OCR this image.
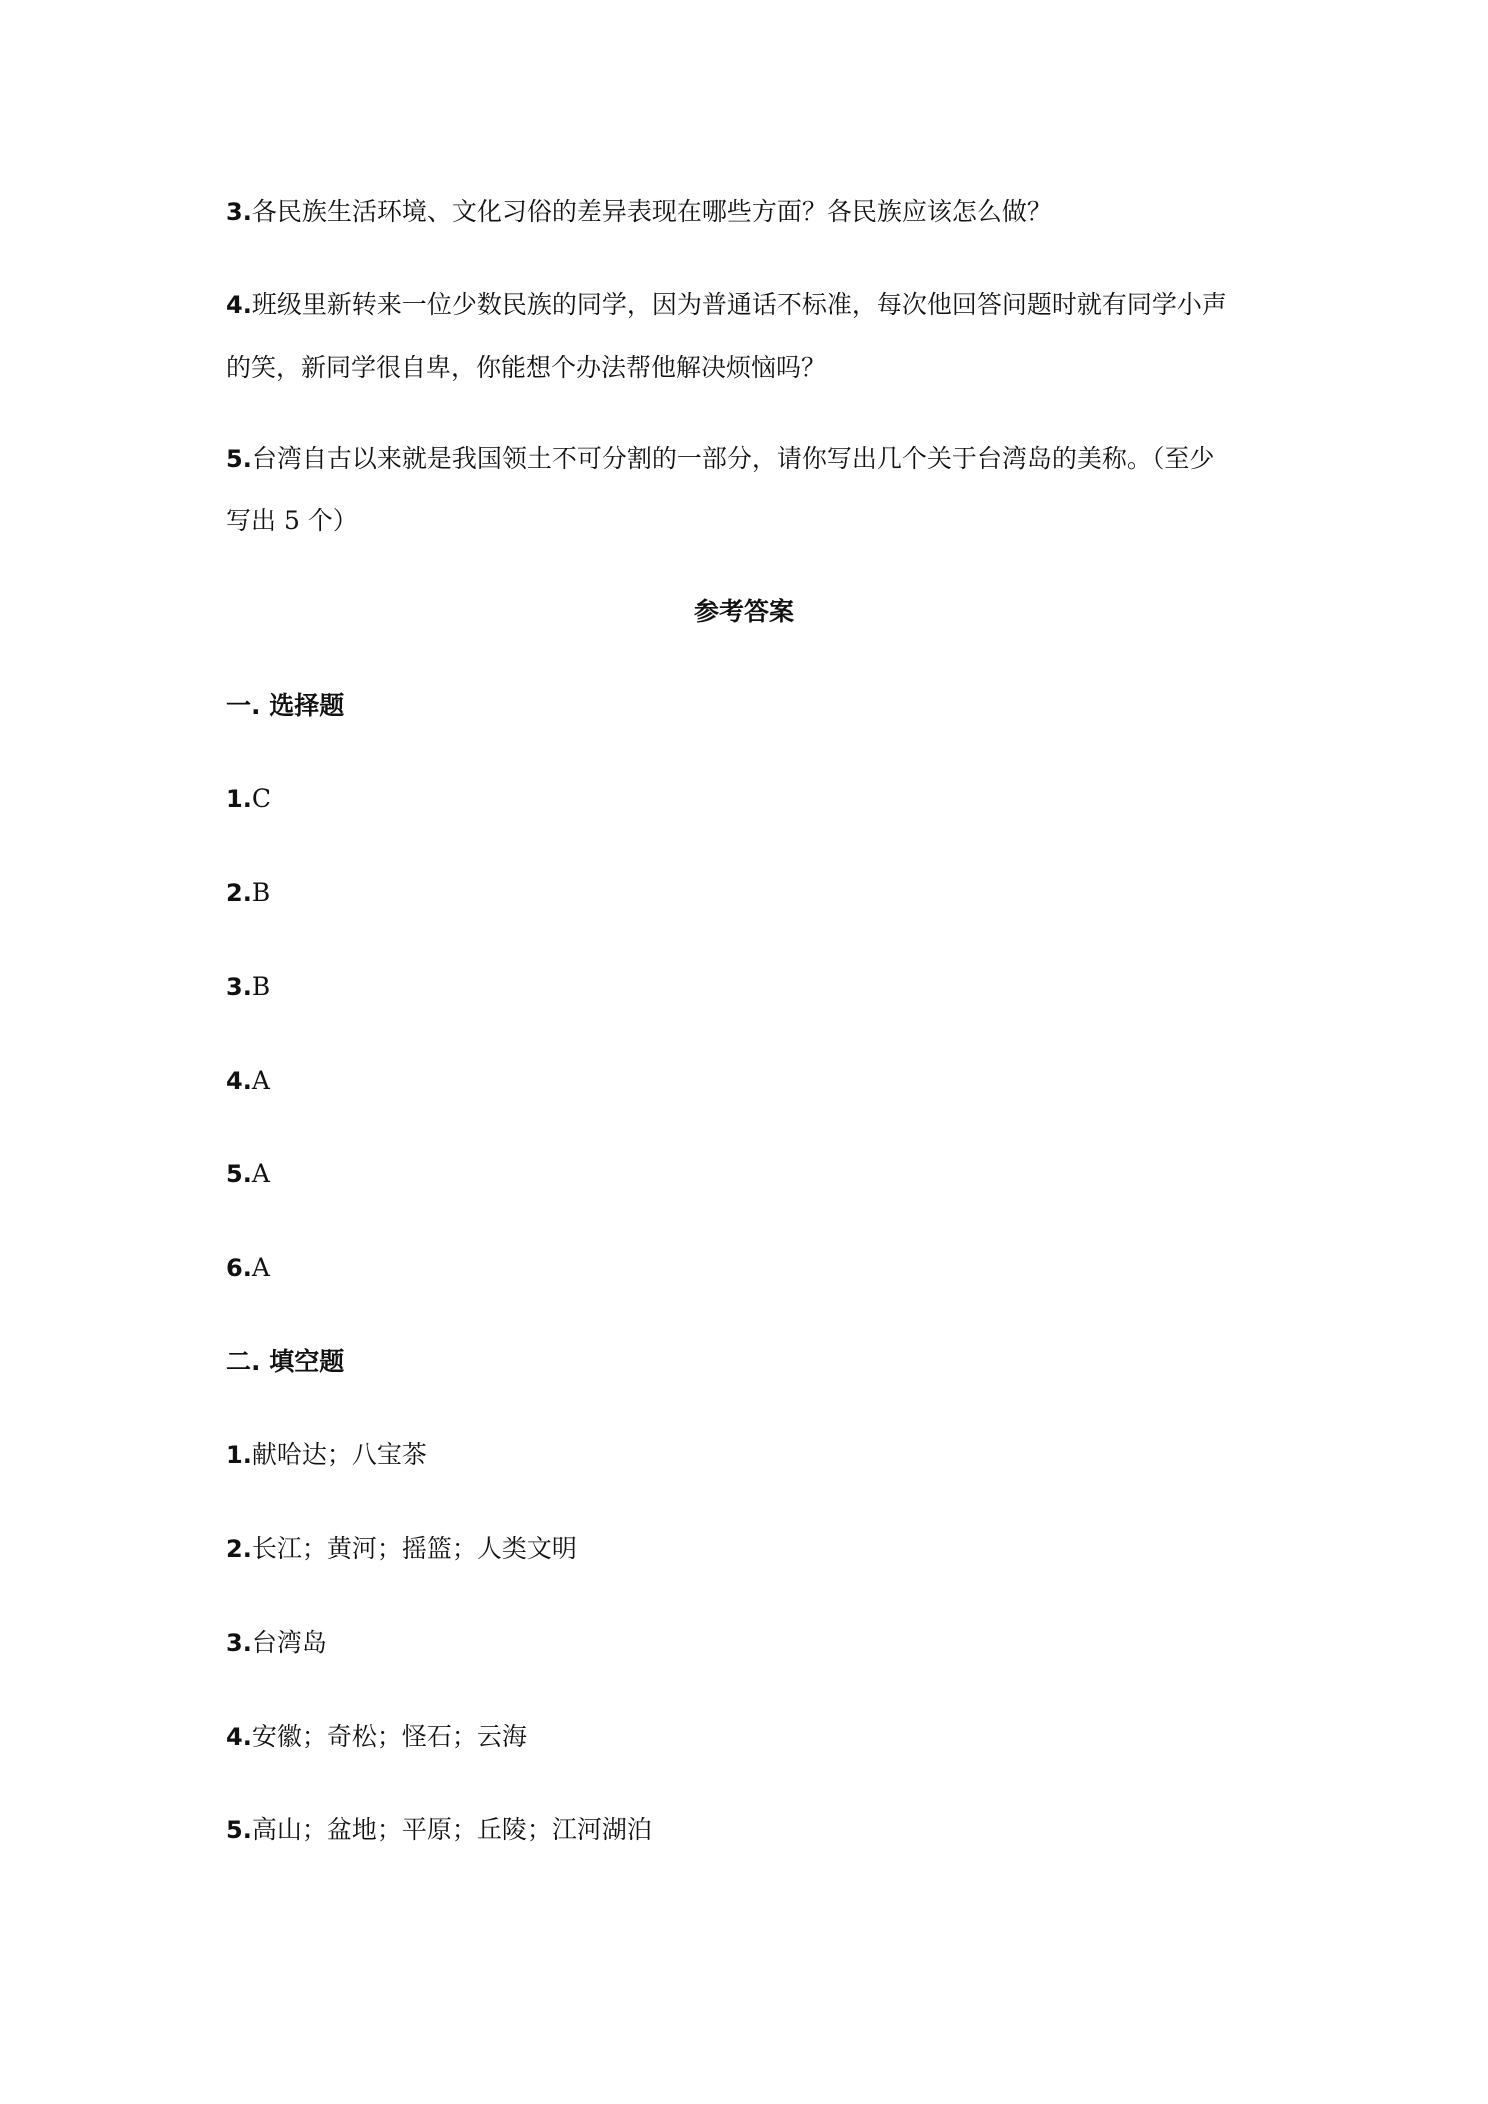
3.各民族生活环境、文化习俗的差异表现在哪些方面？各民族应该怎么做？
4.班级里新转来一位少数民族的同学，因为普通话不标准，每次他回答问题时就有同学小声
的笑，新同学很自卑，你能想个办法帮他解决烦恼吗？
5.台湾自古以来就是我国领土不可分割的一部分，请你写出几个关于台湾岛的美称。（至少
写出 5 个）
参考答案
一. 选择题
1.C
2.B
3.B
4.A
5.A
6.A
二. 填空题
1.献哈达；八宝茶
2.长江；黄河；摇篮；人类文明
3.台湾岛
4.安徽；奇松；怪石；云海
5.高山；盆地；平原；丘陵；江河湖泊
